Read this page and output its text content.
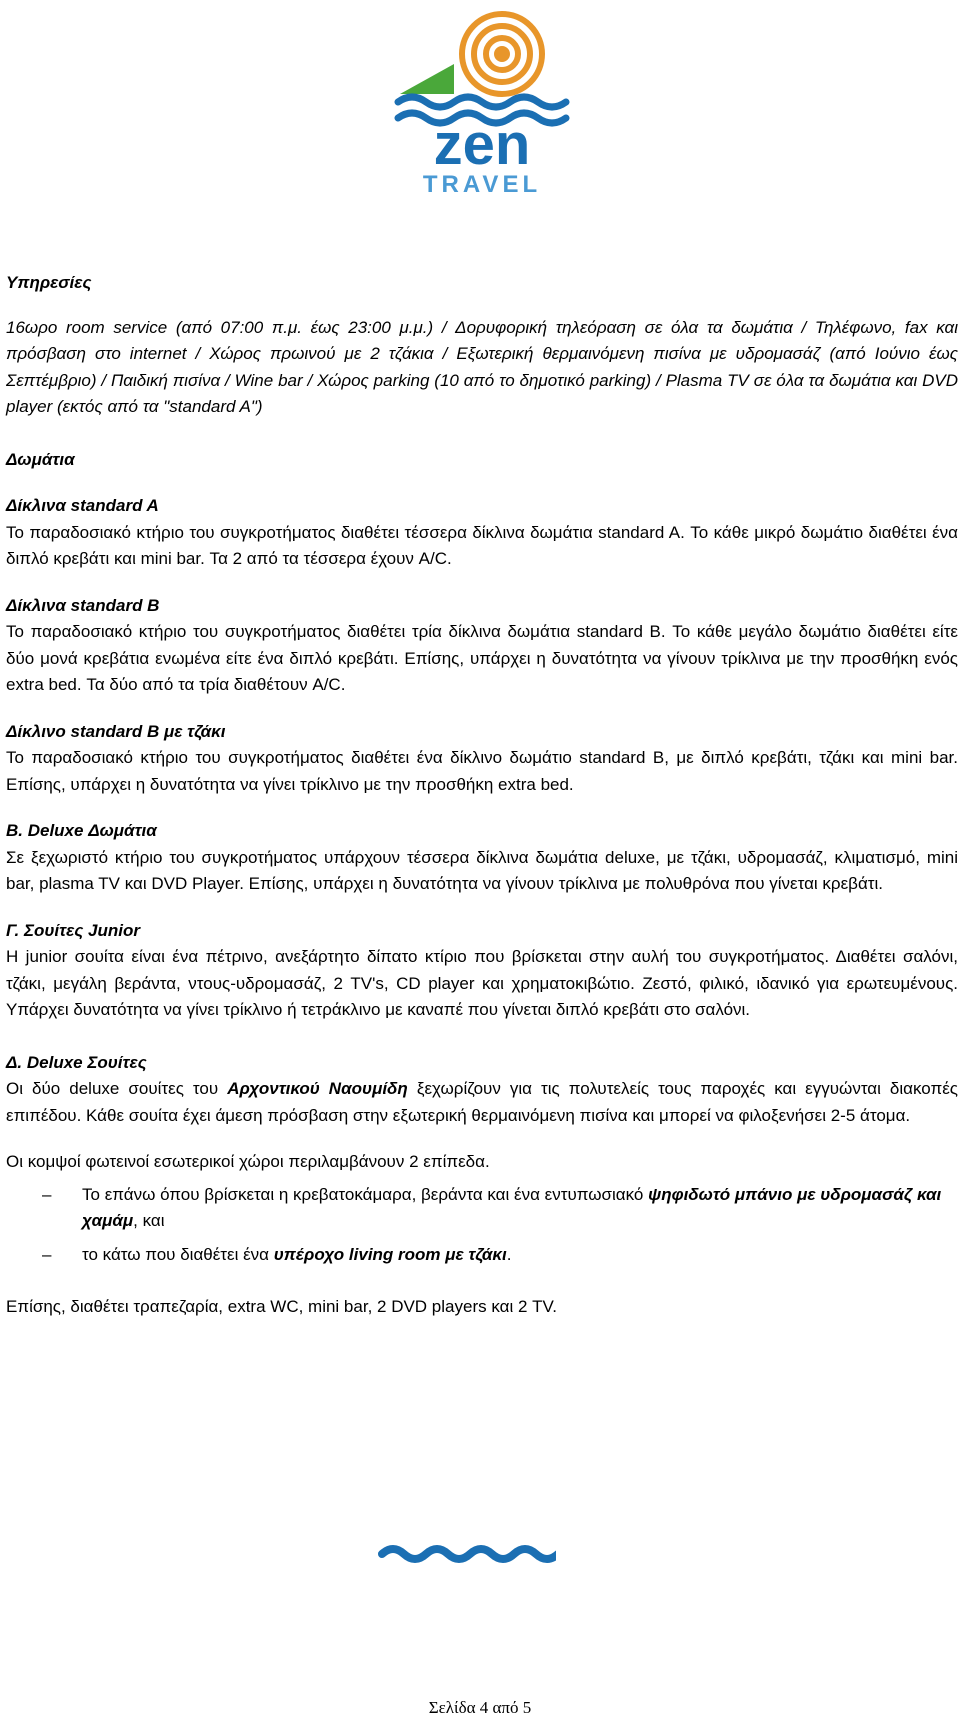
zen
TRAVEL

Υπηρεσίες

16ωρο room service (από 07:00 π.μ. έως 23:00 μ.μ.) / Δορυφορική τηλεόραση σε όλα τα δωμάτια / Τηλέφωνο, fax και πρόσβαση στο internet / Χώρος πρωινού με 2 τζάκια / Εξωτερική θερμαινόμενη πισίνα με υδρομασάζ (από Ιούνιο έως Σεπτέμβριο) / Παιδική πισίνα / Wine bar / Χώρος parking (10 από το δημοτικό parking) / Plasma TV σε όλα τα δωμάτια και DVD player (εκτός από τα "standard A")

Δωμάτια

Δίκλινα standard A
Το παραδοσιακό κτήριο του συγκροτήματος διαθέτει τέσσερα δίκλινα δωμάτια standard A. Το κάθε μικρό δωμάτιο διαθέτει ένα διπλό κρεβάτι και mini bar. Τα 2 από τα τέσσερα έχουν A/C.
Δίκλινα standard B
Το παραδοσιακό κτήριο του συγκροτήματος διαθέτει τρία δίκλινα δωμάτια standard B. Το κάθε μεγάλο δωμάτιο διαθέτει είτε δύο μονά κρεβάτια ενωμένα είτε ένα διπλό κρεβάτι. Επίσης, υπάρχει η δυνατότητα να γίνουν τρίκλινα με την προσθήκη ενός extra bed. Τα δύο από τα τρία διαθέτουν A/C.
Δίκλινο standard B με τζάκι
Το παραδοσιακό κτήριο του συγκροτήματος διαθέτει ένα δίκλινο δωμάτιο standard B, με διπλό κρεβάτι, τζάκι και mini bar. Επίσης, υπάρχει η δυνατότητα να γίνει τρίκλινο με την προσθήκη extra bed.
Β. Deluxe Δωμάτια
Σε ξεχωριστό κτήριο του συγκροτήματος υπάρχουν τέσσερα δίκλινα δωμάτια deluxe, με τζάκι, υδρομασάζ, κλιματισμό, mini bar, plasma TV και DVD Player. Επίσης, υπάρχει η δυνατότητα να γίνουν τρίκλινα με πολυθρόνα που γίνεται κρεβάτι.
Γ. Σουίτες Junior
Η junior σουίτα είναι ένα πέτρινο, ανεξάρτητο δίπατο κτίριο που βρίσκεται στην αυλή του συγκροτήματος. Διαθέτει σαλόνι, τζάκι, μεγάλη βεράντα, ντους-υδρομασάζ, 2 TV's, CD player και χρηματοκιβώτιο. Ζεστό, φιλικό, ιδανικό για ερωτευμένους. Υπάρχει δυνατότητα να γίνει τρίκλινο ή τετράκλινο με καναπέ που γίνεται διπλό κρεβάτι στο σαλόνι.
Δ. Deluxe Σουίτες
Οι δύο deluxe σουίτες του Αρχοντικού Ναουμίδη ξεχωρίζουν για τις πολυτελείς τους παροχές και εγγυώνται διακοπές επιπέδου. Κάθε σουίτα έχει άμεση πρόσβαση στην εξωτερική θερμαινόμενη πισίνα και μπορεί να φιλοξενήσει 2-5 άτομα.

Οι κομψοί φωτεινοί εσωτερικοί χώροι περιλαμβάνουν 2 επίπεδα.

– Το επάνω όπου βρίσκεται η κρεβατοκάμαρα, βεράντα και ένα εντυπωσιακό ψηφιδωτό μπάνιο με υδρομασάζ και χαμάμ, και
– το κάτω που διαθέτει ένα υπέροχο living room με τζάκι.

Επίσης, διαθέτει τραπεζαρία, extra WC, mini bar, 2 DVD players και 2 TV.

Σελίδα 4 από 5
